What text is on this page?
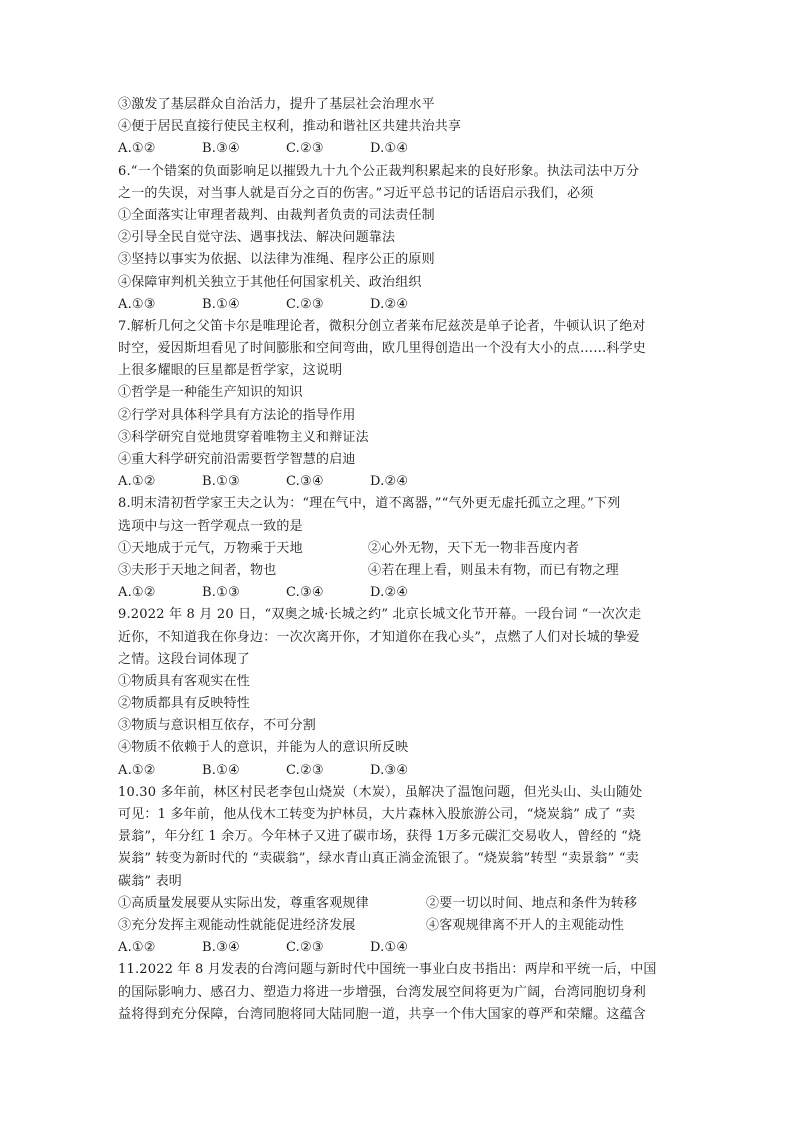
③激发了基层群众自治活力，提升了基层社会治理水平
④便于居民直接行使民主权利，推动和谐社区共建共治共享
A.①②	B.③④	C.②③	D.①④
6.“一个错案的负面影响足以摧毁九十九个公正裁判积累起来的良好形象。执法司法中万分
之一的失误，对当事人就是百分之百的伤害。”习近平总书记的话语启示我们，必须
①全面落实让审理者裁判、由裁判者负责的司法责任制
②引导全民自觉守法、遇事找法、解决问题靠法
③坚持以事实为依据、以法律为准绳、程序公正的原则
④保障审判机关独立于其他任何国家机关、政治组织
A.①③	B.①④	C.②③	D.②④
7.解析几何之父笛卡尔是唯理论者，微积分创立者莱布尼兹茨是单子论者，牛顿认识了绝对
时空，爱因斯坦看见了时间膨胀和空间弯曲，欧几里得创造出一个没有大小的点……科学史
上很多耀眼的巨星都是哲学家，这说明
①哲学是一种能生产知识的知识
②行学对具体科学具有方法论的指导作用
③科学研究自觉地贯穿着唯物主义和辩证法
④重大科学研究前沿需要哲学智慧的启迪
A.①②	B.①③	C.③④	D.②④
8.明末清初哲学家王夫之认为：“理在气中，道不离器，”“气外更无虚托孤立之理。”下列
选项中与这一哲学观点一致的是
①天地成于元气，万物乘于天地	②心外无物，天下无一物非吾度内者
③夫形于天地之间者，物也	④若在理上看，则虽未有物，而已有物之理
A.①②	B.①③	C.③④	D.②④
9.2022 年 8 月 20 日，“双奥之城·长城之约” 北京长城文化节开幕。一段台词 “一次次走
近你，不知道我在你身边：一次次离开你，才知道你在我心头”，点燃了人们对长城的挚爱
之情。这段台词体现了
①物质具有客观实在性
②物质都具有反映特性
③物质与意识相互依存，不可分割
④物质不依赖于人的意识，并能为人的意识所反映
A.①②	B.①④	C.②③	D.③④
10.30 多年前，林区村民老李包山烧炭（木炭），虽解决了温饱问题，但光头山、头山随处
可见：1 多年前，他从伐木工转变为护林员，大片森林入股旅游公司，“烧炭翁” 成了 “卖
景翁”，年分红 1 余万。今年林子又进了碳市场，获得 1万多元碳汇交易收人，曾经的 “烧
炭翁” 转变为新时代的 “卖碳翁”，绿水青山真正淌金流银了。“烧炭翁”转型 “卖景翁” “卖
碳翁” 表明
①高质量发展要从实际出发，尊重客观规律	②要一切以时间、地点和条件为转移
③充分发挥主观能动性就能促进经济发展	④客观规律离不开人的主观能动性
A.①②	B.③④	C.②③	D.①④
11.2022 年 8 月发表的台湾问题与新时代中国统一事业白皮书指出：两岸和平统一后，中国
的国际影响力、感召力、塑造力将进一步增强，台湾发展空间将更为广阔，台湾同胞切身利
益将得到充分保障，台湾同胞将同大陆同胞一道，共享一个伟大国家的尊严和荣耀。这蕴含
